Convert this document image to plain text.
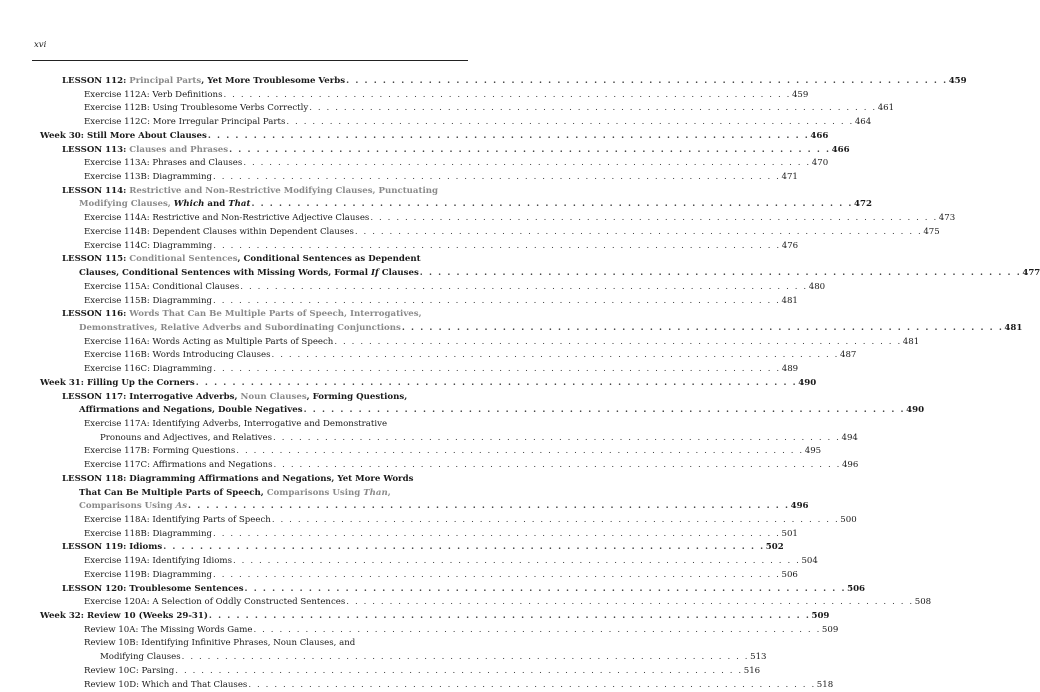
xvi
LESSON 112: Principal Parts, Yet More Troublesome Verbs . . . . . . . . . . . . . . . . . . . . . . . . . . . . . . . . . . . . . . . . . . . . . . . . . . . . . . . . . . . . . . . . . . 459
Exercise 112A: Verb Definitions . . . . . . . . . . . . . . . . . . . . . . . . . . . . . . . . . . . . . . . . . . . . . . . . . . . . . . . . . . . . . . . . . . 459
Exercise 112B: Using Troublesome Verbs Correctly . . . . . . . . . . . . . . . . . . . . . . . . . . . . . . . . . . . . . . . . . . . . . . . . . . . . . . . . . . . . . . . . . . 461
Exercise 112C: More Irregular Principal Parts . . . . . . . . . . . . . . . . . . . . . . . . . . . . . . . . . . . . . . . . . . . . . . . . . . . . . . . . . . . . . . . . . . 464
Week 30: Still More About Clauses . . . . . . . . . . . . . . . . . . . . . . . . . . . . . . . . . . . . . . . . . . . . . . . . . . . . . . . . . . . . . . . . . . 466
LESSON 113: Clauses and Phrases . . . . . . . . . . . . . . . . . . . . . . . . . . . . . . . . . . . . . . . . . . . . . . . . . . . . . . . . . . . . . . . . . . 466
Exercise 113A: Phrases and Clauses . . . . . . . . . . . . . . . . . . . . . . . . . . . . . . . . . . . . . . . . . . . . . . . . . . . . . . . . . . . . . . . . . . 470
Exercise 113B: Diagramming . . . . . . . . . . . . . . . . . . . . . . . . . . . . . . . . . . . . . . . . . . . . . . . . . . . . . . . . . . . . . . . . . . 471
LESSON 114: Restrictive and Non-Restrictive Modifying Clauses, Punctuating
Modifying Clauses, Which and That . . . . . . . . . . . . . . . . . . . . . . . . . . . . . . . . . . . . . . . . . . . . . . . . . . . . . . . . . . . . . . . . . . 472
Exercise 114A: Restrictive and Non-Restrictive Adjective Clauses . . . . . . . . . . . . . . . . . . . . . . . . . . . . . . . . . . . . . . . . . . . . . . . . . . . . . . . . . . . . . . . . . . 473
Exercise 114B: Dependent Clauses within Dependent Clauses . . . . . . . . . . . . . . . . . . . . . . . . . . . . . . . . . . . . . . . . . . . . . . . . . . . . . . . . . . . . . . . . . . 475
Exercise 114C: Diagramming . . . . . . . . . . . . . . . . . . . . . . . . . . . . . . . . . . . . . . . . . . . . . . . . . . . . . . . . . . . . . . . . . . 476
LESSON 115: Conditional Sentences, Conditional Sentences as Dependent
Clauses, Conditional Sentences with Missing Words, Formal If Clauses . . . . . . . . . . . . . . . . . . . . . . . . . . . . . . . . . . . . . . . . . . . . . . . . . . . . . . . . . . . . . . . . . . 477
Exercise 115A: Conditional Clauses . . . . . . . . . . . . . . . . . . . . . . . . . . . . . . . . . . . . . . . . . . . . . . . . . . . . . . . . . . . . . . . . . . 480
Exercise 115B: Diagramming . . . . . . . . . . . . . . . . . . . . . . . . . . . . . . . . . . . . . . . . . . . . . . . . . . . . . . . . . . . . . . . . . . 481
LESSON 116: Words That Can Be Multiple Parts of Speech, Interrogatives,
Demonstratives, Relative Adverbs and Subordinating Conjunctions . . . . . . . . . . . . . . . . . . . . . . . . . . . . . . . . . . . . . . . . . . . . . . . . . . . . . . . . . . . . . . . . . . 481
Exercise 116A: Words Acting as Multiple Parts of Speech . . . . . . . . . . . . . . . . . . . . . . . . . . . . . . . . . . . . . . . . . . . . . . . . . . . . . . . . . . . . . . . . . . 481
Exercise 116B: Words Introducing Clauses . . . . . . . . . . . . . . . . . . . . . . . . . . . . . . . . . . . . . . . . . . . . . . . . . . . . . . . . . . . . . . . . . . 487
Exercise 116C: Diagramming . . . . . . . . . . . . . . . . . . . . . . . . . . . . . . . . . . . . . . . . . . . . . . . . . . . . . . . . . . . . . . . . . . 489
Week 31: Filling Up the Corners . . . . . . . . . . . . . . . . . . . . . . . . . . . . . . . . . . . . . . . . . . . . . . . . . . . . . . . . . . . . . . . . . . 490
LESSON 117: Interrogative Adverbs, Noun Clauses, Forming Questions,
Affirmations and Negations, Double Negatives . . . . . . . . . . . . . . . . . . . . . . . . . . . . . . . . . . . . . . . . . . . . . . . . . . . . . . . . . . . . . . . . . . 490
Exercise 117A: Identifying Adverbs, Interrogative and Demonstrative
Pronouns and Adjectives, and Relatives . . . . . . . . . . . . . . . . . . . . . . . . . . . . . . . . . . . . . . . . . . . . . . . . . . . . . . . . . . . . . . . . . . 494
Exercise 117B: Forming Questions . . . . . . . . . . . . . . . . . . . . . . . . . . . . . . . . . . . . . . . . . . . . . . . . . . . . . . . . . . . . . . . . . . 495
Exercise 117C: Affirmations and Negations . . . . . . . . . . . . . . . . . . . . . . . . . . . . . . . . . . . . . . . . . . . . . . . . . . . . . . . . . . . . . . . . . . 496
LESSON 118: Diagramming Affirmations and Negations, Yet More Words
That Can Be Multiple Parts of Speech, Comparisons Using Than,
Comparisons Using As . . . . . . . . . . . . . . . . . . . . . . . . . . . . . . . . . . . . . . . . . . . . . . . . . . . . . . . . . . . . . . . . . . 496
Exercise 118A: Identifying Parts of Speech . . . . . . . . . . . . . . . . . . . . . . . . . . . . . . . . . . . . . . . . . . . . . . . . . . . . . . . . . . . . . . . . . . 500
Exercise 118B: Diagramming . . . . . . . . . . . . . . . . . . . . . . . . . . . . . . . . . . . . . . . . . . . . . . . . . . . . . . . . . . . . . . . . . . 501
LESSON 119: Idioms . . . . . . . . . . . . . . . . . . . . . . . . . . . . . . . . . . . . . . . . . . . . . . . . . . . . . . . . . . . . . . . . . . 502
Exercise 119A: Identifying Idioms . . . . . . . . . . . . . . . . . . . . . . . . . . . . . . . . . . . . . . . . . . . . . . . . . . . . . . . . . . . . . . . . . . 504
Exercise 119B: Diagramming . . . . . . . . . . . . . . . . . . . . . . . . . . . . . . . . . . . . . . . . . . . . . . . . . . . . . . . . . . . . . . . . . . 506
LESSON 120: Troublesome Sentences . . . . . . . . . . . . . . . . . . . . . . . . . . . . . . . . . . . . . . . . . . . . . . . . . . . . . . . . . . . . . . . . . . 506
Exercise 120A: A Selection of Oddly Constructed Sentences . . . . . . . . . . . . . . . . . . . . . . . . . . . . . . . . . . . . . . . . . . . . . . . . . . . . . . . . . . . . . . . . . . 508
Week 32: Review 10 (Weeks 29-31) . . . . . . . . . . . . . . . . . . . . . . . . . . . . . . . . . . . . . . . . . . . . . . . . . . . . . . . . . . . . . . . . . . 509
Review 10A: The Missing Words Game . . . . . . . . . . . . . . . . . . . . . . . . . . . . . . . . . . . . . . . . . . . . . . . . . . . . . . . . . . . . . . . . . . 509
Review 10B: Identifying Infinitive Phrases, Noun Clauses, and
Modifying Clauses . . . . . . . . . . . . . . . . . . . . . . . . . . . . . . . . . . . . . . . . . . . . . . . . . . . . . . . . . . . . . . . . . . 513
Review 10C: Parsing . . . . . . . . . . . . . . . . . . . . . . . . . . . . . . . . . . . . . . . . . . . . . . . . . . . . . . . . . . . . . . . . . . 516
Review 10D: Which and That Clauses . . . . . . . . . . . . . . . . . . . . . . . . . . . . . . . . . . . . . . . . . . . . . . . . . . . . . . . . . . . . . . . . . . 518
